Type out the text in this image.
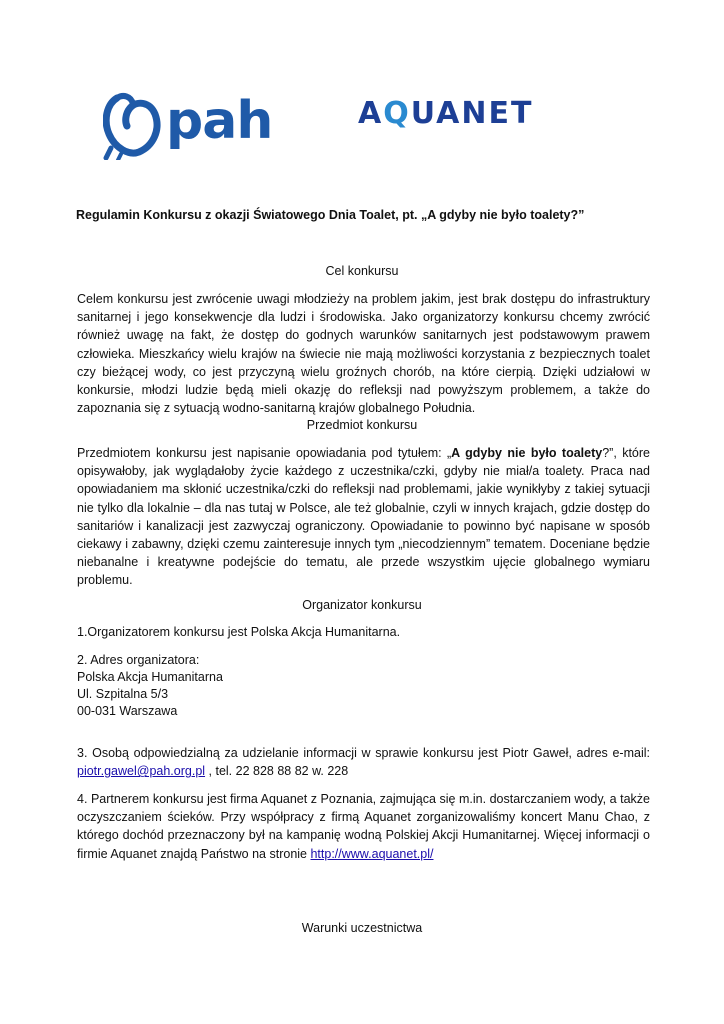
pah	AQUANET
Regulamin Konkursu z okazji Światowego Dnia Toalet, pt. „A gdyby nie było toalety?”
Cel konkursu

Celem konkursu jest zwrócenie uwagi młodzieży na problem jakim, jest brak dostępu do infrastruktury sanitarnej i jego konsekwencje dla ludzi i środowiska. Jako organizatorzy konkursu chcemy zwrócić również uwagę na fakt, że dostęp do godnych warunków sanitarnych jest podstawowym prawem człowieka. Mieszkańcy wielu krajów na świecie nie mają możliwości korzystania z bezpiecznych toalet czy bieżącej wody, co jest przyczyną wielu groźnych chorób, na które cierpią. Dzięki udziałowi w konkursie, młodzi ludzie będą mieli okazję do refleksji nad powyższym problemem, a także do zapoznania się z sytuacją wodno-sanitarną krajów globalnego Południa.

Przedmiot konkursu

Przedmiotem konkursu jest napisanie opowiadania pod tytułem: „A gdyby nie było toalety?”, które opisywałoby, jak wyglądałoby życie każdego z uczestnika/czki, gdyby nie miał/a toalety. Praca nad opowiadaniem ma skłonić uczestnika/czki do refleksji nad problemami, jakie wynikłyby z takiej sytuacji nie tylko dla lokalnie – dla nas tutaj w Polsce, ale też globalnie, czyli w innych krajach, gdzie dostęp do sanitariów i kanalizacji jest zazwyczaj ograniczony. Opowiadanie to powinno być napisane w sposób ciekawy i zabawny, dzięki czemu zainteresuje innych tym „niecodziennym” tematem. Doceniane będzie niebanalne i kreatywne podejście do tematu, ale przede wszystkim ujęcie globalnego wymiaru problemu.

Organizator konkursu
1.Organizatorem konkursu jest Polska Akcja Humanitarna.
2. Adres organizatora:
Polska Akcja Humanitarna
Ul. Szpitalna 5/3
00-031 Warszawa

3. Osobą odpowiedzialną za udzielanie informacji w sprawie konkursu jest Piotr Gaweł, adres e-mail: piotr.gawel@pah.org.pl , tel. 22 828 88 82 w. 228

4. Partnerem konkursu jest firma Aquanet z Poznania, zajmująca się m.in. dostarczaniem wody, a także oczyszczaniem ścieków. Przy współpracy z firmą Aquanet zorganizowaliśmy koncert Manu Chao, z którego dochód przeznaczony był na kampanię wodną Polskiej Akcji Humanitarnej. Więcej informacji o firmie Aquanet znajdą Państwo na stronie http://www.aquanet.pl/

Warunki uczestnictwa
